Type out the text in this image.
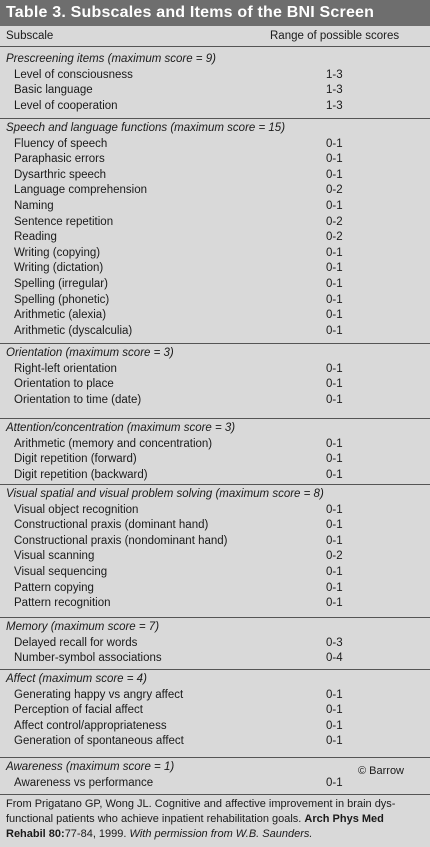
Table 3. Subscales and Items of the BNI Screen
Subscale	Range of possible scores
Prescreening items (maximum score = 9)
Level of consciousness	1-3
Basic language	1-3
Level of cooperation	1-3
Speech and language functions (maximum score = 15)
Fluency of speech	0-1
Paraphasic errors	0-1
Dysarthric speech	0-1
Language comprehension	0-2
Naming	0-1
Sentence repetition	0-2
Reading	0-2
Writing (copying)	0-1
Writing (dictation)	0-1
Spelling (irregular)	0-1
Spelling (phonetic)	0-1
Arithmetic (alexia)	0-1
Arithmetic (dyscalculia)	0-1
Orientation (maximum score = 3)
Right-left orientation	0-1
Orientation to place	0-1
Orientation to time (date)	0-1
Attention/concentration (maximum score = 3)
Arithmetic (memory and concentration)	0-1
Digit repetition (forward)	0-1
Digit repetition (backward)	0-1
Visual spatial and visual problem solving (maximum score = 8)
Visual object recognition	0-1
Constructional praxis (dominant hand)	0-1
Constructional praxis (nondominant hand)	0-1
Visual scanning	0-2
Visual sequencing	0-1
Pattern copying	0-1
Pattern recognition	0-1
Memory (maximum score = 7)
Delayed recall for words	0-3
Number-symbol associations	0-4
Affect (maximum score = 4)
Generating happy vs angry affect	0-1
Perception of facial affect	0-1
Affect control/appropriateness	0-1
Generation of spontaneous affect	0-1
Awareness (maximum score = 1)
Awareness vs performance	0-1
© Barrow
From Prigatano GP, Wong JL. Cognitive and affective improvement in brain dys-functional patients who achieve inpatient rehabilitation goals. Arch Phys Med Rehabil 80:77-84, 1999. With permission from W.B. Saunders.
